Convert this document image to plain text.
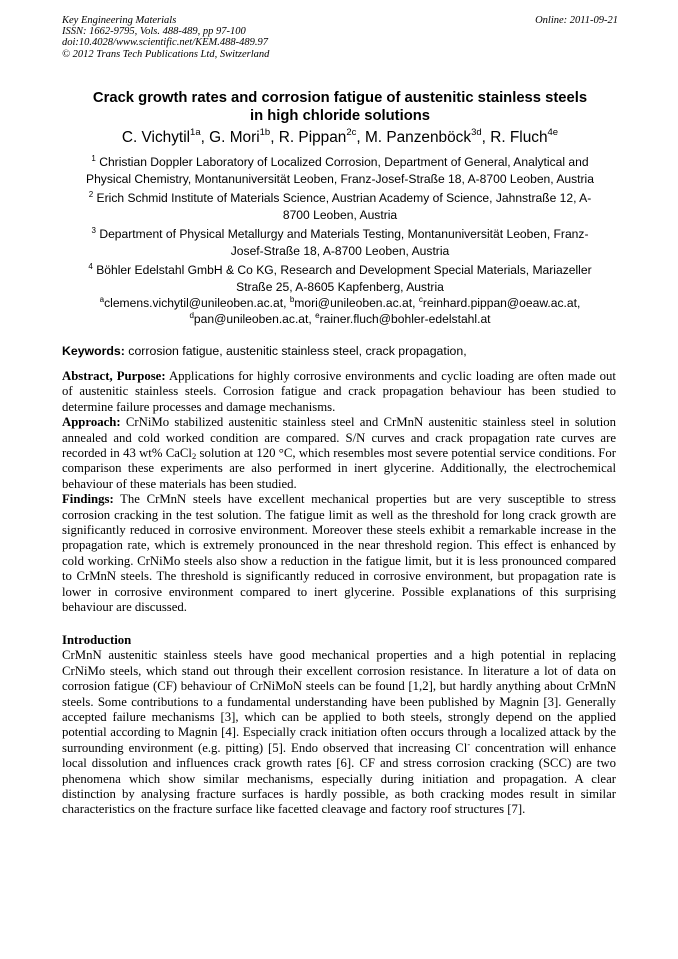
Key Engineering Materials
ISSN: 1662-9795, Vols. 488-489, pp 97-100
doi:10.4028/www.scientific.net/KEM.488-489.97
© 2012 Trans Tech Publications Ltd, Switzerland
Online: 2011-09-21
Crack growth rates and corrosion fatigue of austenitic stainless steels
in high chloride solutions
C. Vichytil$^{1a}$, G. Mori$^{1b}$, R. Pippan$^{2c}$, M. Panzenböck$^{3d}$, R. Fluch$^{4e}$
$^1$ Christian Doppler Laboratory of Localized Corrosion, Department of General, Analytical and
Physical Chemistry, Montanuniversität Leoben, Franz-Josef-Straße 18, A-8700 Leoben, Austria
$^2$ Erich Schmid Institute of Materials Science, Austrian Academy of Science, Jahnstraße 12, A-
8700 Leoben, Austria
$^3$ Department of Physical Metallurgy and Materials Testing, Montanuniversität Leoben, Franz-
Josef-Straße 18, A-8700 Leoben, Austria
$^4$ Böhler Edelstahl GmbH & Co KG, Research and Development Special Materials, Mariazeller
Straße 25, A-8605 Kapfenberg, Austria
$^a$clemens.vichytil@unileoben.ac.at, $^b$mori@unileoben.ac.at, $^c$reinhard.pippan@oeaw.ac.at,
$^d$pan@unileoben.ac.at, $^e$rainer.fluch@bohler-edelstahl.at
Keywords: corrosion fatigue, austenitic stainless steel, crack propagation,

Abstract, Purpose: Applications for highly corrosive environments and cyclic loading are often made out of austenitic stainless steels. Corrosion fatigue and crack propagation behaviour has been studied to determine failure processes and damage mechanisms.

Approach: CrNiMo stabilized austenitic stainless steel and CrMnN austenitic stainless steel in solution annealed and cold worked condition are compared. S/N curves and crack propagation rate curves are recorded in 43 wt% CaCl$_2$ solution at 120 °C, which resembles most severe potential service conditions. For comparison these experiments are also performed in inert glycerine. Additionally, the electrochemical behaviour of these materials has been studied.

Findings: The CrMnN steels have excellent mechanical properties but are very susceptible to stress corrosion cracking in the test solution. The fatigue limit as well as the threshold for long crack growth are significantly reduced in corrosive environment. Moreover these steels exhibit a remarkable increase in the propagation rate, which is extremely pronounced in the near threshold region. This effect is enhanced by cold working. CrNiMo steels also show a reduction in the fatigue limit, but it is less pronounced compared to CrMnN steels. The threshold is significantly reduced in corrosive environment, but propagation rate is lower in corrosive environment compared to inert glycerine. Possible explanations of this surprising behaviour are discussed.

Introduction

CrMnN austenitic stainless steels have good mechanical properties and a high potential in replacing CrNiMo steels, which stand out through their excellent corrosion resistance. In literature a lot of data on corrosion fatigue (CF) behaviour of CrNiMoN steels can be found [1,2], but hardly anything about CrMnN steels. Some contributions to a fundamental understanding have been published by Magnin [3]. Generally accepted failure mechanisms [3], which can be applied to both steels, strongly depend on the applied potential according to Magnin [4]. Especially crack initiation often occurs through a localized attack by the surrounding environment (e.g. pitting) [5]. Endo observed that increasing Cl- concentration will enhance local dissolution and influences crack growth rates [6]. CF and stress corrosion cracking (SCC) are two phenomena which show similar mechanisms, especially during initiation and propagation. A clear distinction by analysing fracture surfaces is hardly possible, as both cracking modes result in similar characteristics on the fracture surface like facetted cleavage and factory roof structures [7].
